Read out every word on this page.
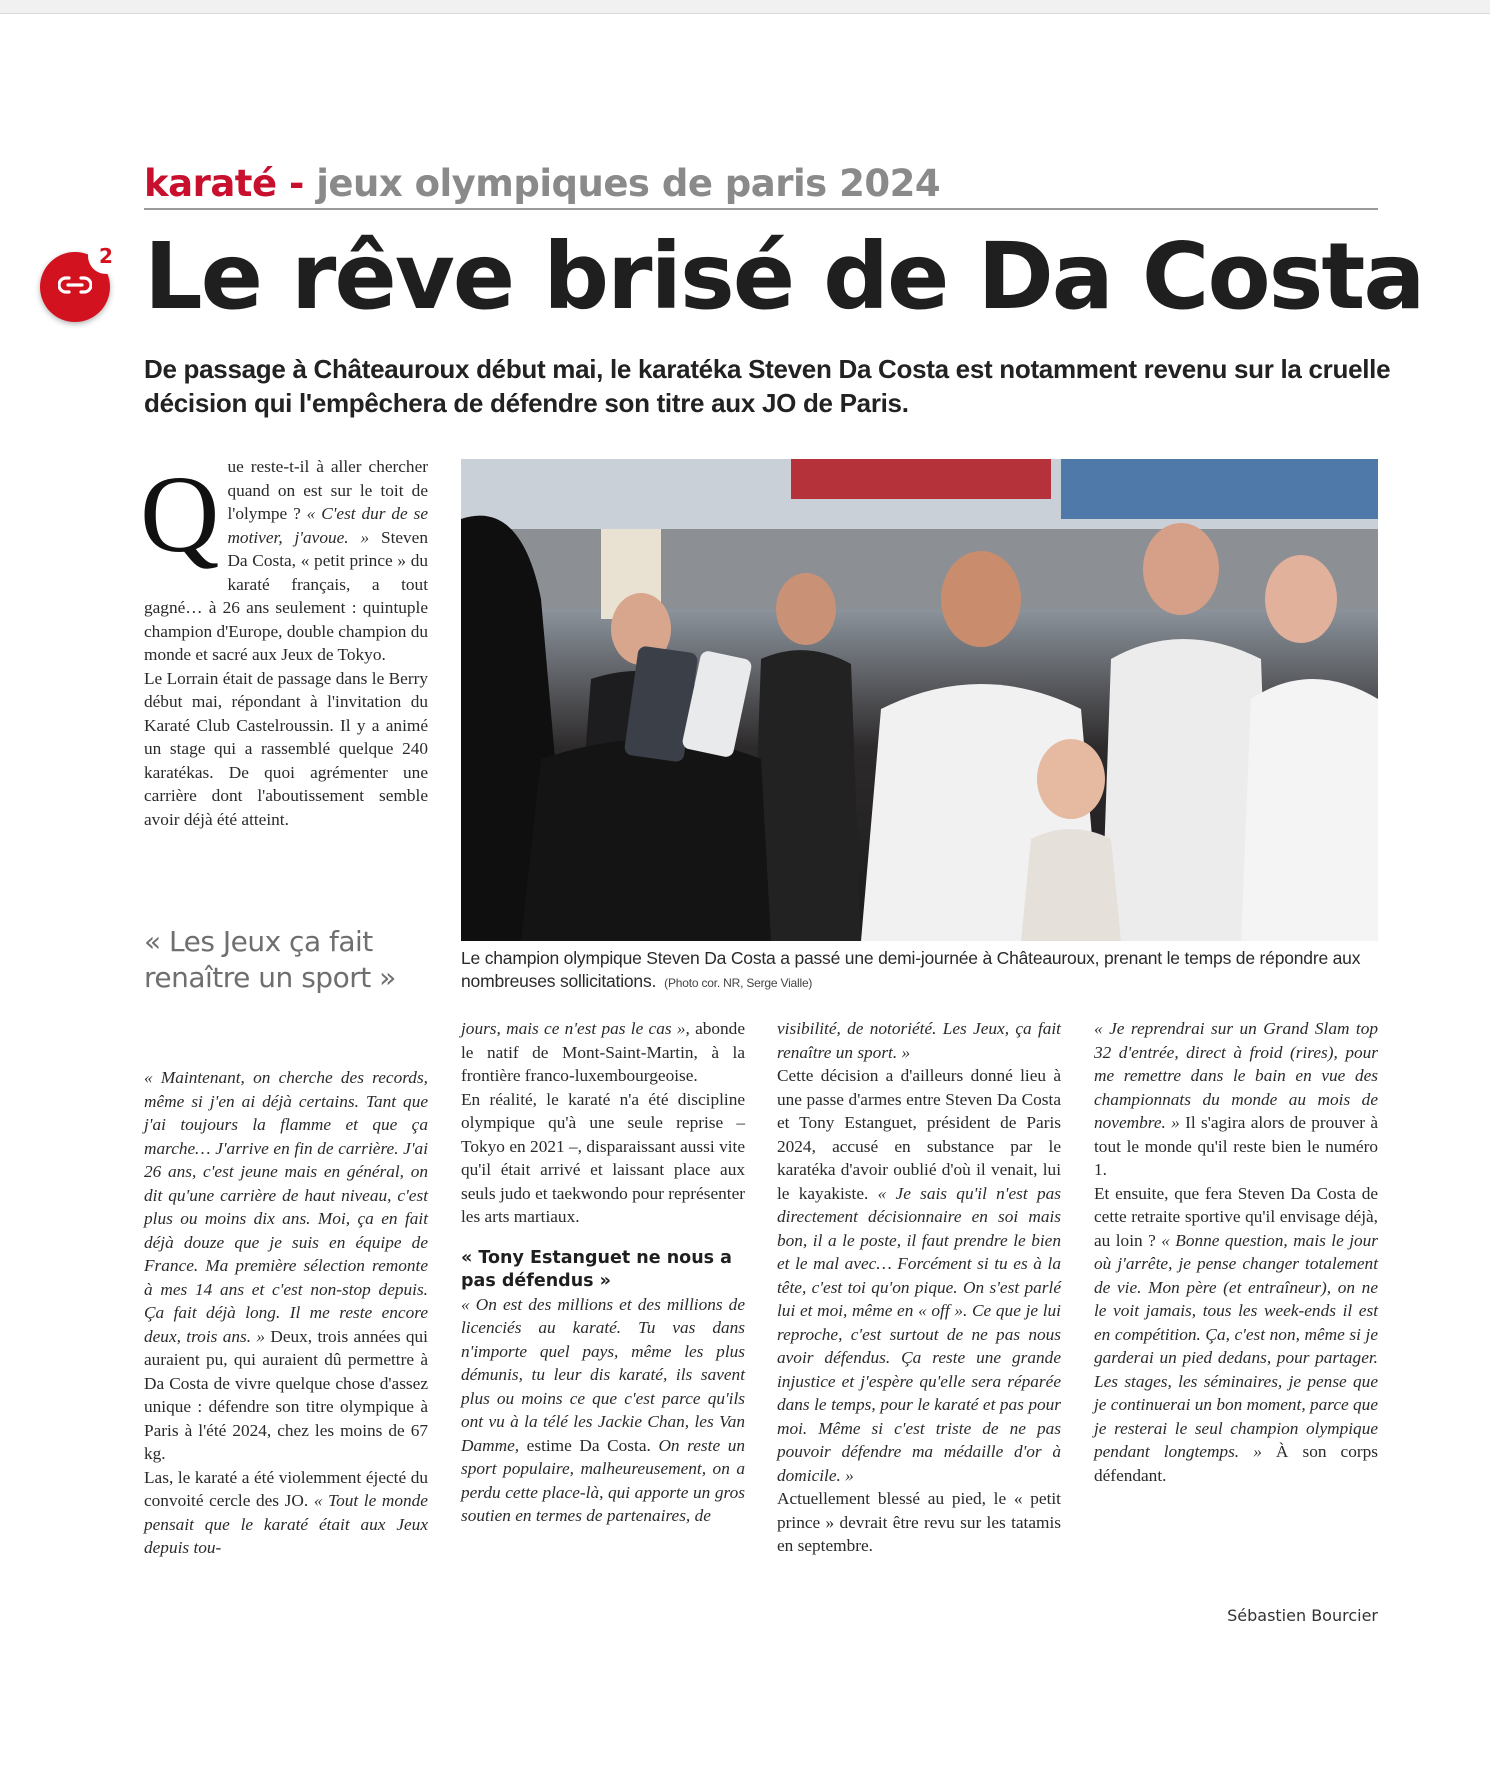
karaté - jeux olympiques de paris 2024
Le rêve brisé de Da Costa
2
De passage à Châteauroux début mai, le karatéka Steven Da Costa est notamment revenu sur la cruelle décision qui l'empêchera de défendre son titre aux JO de Paris.

Que reste-t-il à aller chercher quand on est sur le toit de l'olympe ? « C'est dur de se motiver, j'avoue. » Steven Da Costa, « petit prince » du karaté français, a tout gagné… à 26 ans seulement : quintuple champion d'Europe, double champion du monde et sacré aux Jeux de Tokyo.

Le Lorrain était de passage dans le Berry début mai, répondant à l'invitation du Karaté Club Castelroussin. Il y a animé un stage qui a rassemblé quelque 240 karatékas. De quoi agrémenter une carrière dont l'aboutissement semble avoir déjà été atteint.

Le champion olympique Steven Da Costa a passé une demi-journée à Châteauroux, prenant le temps de répondre aux nombreuses sollicitations. (Photo cor. NR, Serge Vialle)
« Les Jeux ça fait renaître un sport »

« Maintenant, on cherche des records, même si j'en ai déjà certains. Tant que j'ai toujours la flamme et que ça marche… J'arrive en fin de carrière. J'ai 26 ans, c'est jeune mais en général, on dit qu'une carrière de haut niveau, c'est plus ou moins dix ans. Moi, ça en fait déjà douze que je suis en équipe de France. Ma première sélection remonte à mes 14 ans et c'est non-stop depuis. Ça fait déjà long. Il me reste encore deux, trois ans. » Deux, trois années qui auraient pu, qui auraient dû permettre à Da Costa de vivre quelque chose d'assez unique : défendre son titre olympique à Paris à l'été 2024, chez les moins de 67 kg.

Las, le karaté a été violemment éjecté du convoité cercle des JO. « Tout le monde pensait que le karaté était aux Jeux depuis tou-

jours, mais ce n'est pas le cas », abonde le natif de Mont-Saint-Martin, à la frontière franco-luxembourgeoise.

En réalité, le karaté n'a été discipline olympique qu'à une seule reprise – Tokyo en 2021 –, disparaissant aussi vite qu'il était arrivé et laissant place aux seuls judo et taekwondo pour représenter les arts martiaux.

« Tony Estanguet ne nous a pas défendus »

« On est des millions et des millions de licenciés au karaté. Tu vas dans n'importe quel pays, même les plus démunis, tu leur dis karaté, ils savent plus ou moins ce que c'est parce qu'ils ont vu à la télé les Jackie Chan, les Van Damme, estime Da Costa. On reste un sport populaire, malheureusement, on a perdu cette place-là, qui apporte un gros soutien en termes de partenaires, de

visibilité, de notoriété. Les Jeux, ça fait renaître un sport. »

Cette décision a d'ailleurs donné lieu à une passe d'armes entre Steven Da Costa et Tony Estanguet, président de Paris 2024, accusé en substance par le karatéka d'avoir oublié d'où il venait, lui le kayakiste. « Je sais qu'il n'est pas directement décisionnaire en soi mais bon, il a le poste, il faut prendre le bien et le mal avec… Forcément si tu es à la tête, c'est toi qu'on pique. On s'est parlé lui et moi, même en « off ». Ce que je lui reproche, c'est surtout de ne pas nous avoir défendus. Ça reste une grande injustice et j'espère qu'elle sera réparée dans le temps, pour le karaté et pas pour moi. Même si c'est triste de ne pas pouvoir défendre ma médaille d'or à domicile. »

Actuellement blessé au pied, le « petit prince » devrait être revu sur les tatamis en septembre.

« Je reprendrai sur un Grand Slam top 32 d'entrée, direct à froid (rires), pour me remettre dans le bain en vue des championnats du monde au mois de novembre. » Il s'agira alors de prouver à tout le monde qu'il reste bien le numéro 1.

Et ensuite, que fera Steven Da Costa de cette retraite sportive qu'il envisage déjà, au loin ? « Bonne question, mais le jour où j'arrête, je pense changer totalement de vie. Mon père (et entraîneur), on ne le voit jamais, tous les week-ends il est en compétition. Ça, c'est non, même si je garderai un pied dedans, pour partager. Les stages, les séminaires, je pense que je continuerai un bon moment, parce que je resterai le seul champion olympique pendant longtemps. » À son corps défendant.

Sébastien Bourcier
